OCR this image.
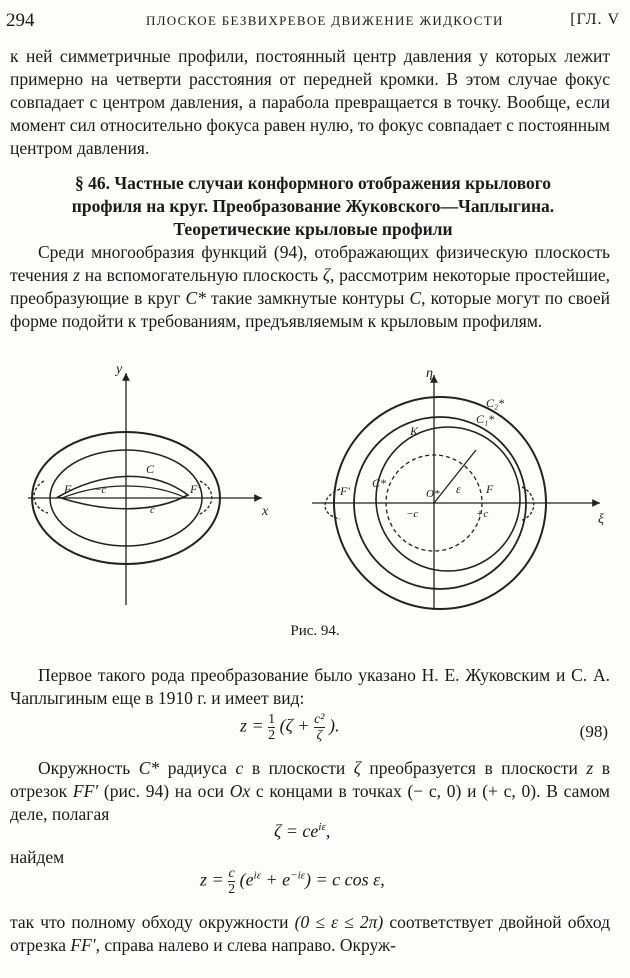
294	ПЛОСКОЕ БЕЗВИХРЕВОЕ ДВИЖЕНИЕ ЖИДКОСТИ	[ГЛ. V

к ней симметричные профили, постоянный центр давления у которых лежит примерно на четверти расстояния от передней кромки. В этом случае фокус совпадает с центром давления, а парабола превращается в точку. Вообще, если момент сил относительно фокуса равен нулю, то фокус совпадает с постоянным центром давления.

§ 46. Частные случаи конформного отображения крылового
профиля на круг. Преобразование Жуковского—Чаплыгина.
Теоретические крыловые профили

Среди многообразия функций (94), отображающих физическую плоскость течения z на вспомогательную плоскость ζ, рассмотрим некоторые простейшие, преобразующие в круг C* такие замкнутые контуры C, которые могут по своей форме подойти к требованиям, предъявляемым к крыловым профилям.

y
x
F	F′
C
−c
c
η
ξ
K
C₁*
C₂*
C*
O*	F
F′
−c	+c
ε
Рис. 94.

Первое такого рода преобразование было указано Н. Е. Жуковским и С. А. Чаплыгиным еще в 1910 г. и имеет вид:

$z = \frac{1}{2} (\zeta + \frac{\text{c²}}{\zeta}$ ).	(98)

Окружность C* радиуса c в плоскости ζ преобразуется в плоскости z в отрезок FF′ (рис. 94) на оси Ox с концами в точках (− c, 0) и (+ c, 0). В самом деле, полагая

$\zeta = ce^{i\varepsilon}$,
найдем
$z = \frac{c}{2} (e^{i\varepsilon} + e^{-i\varepsilon}) = c$ cos ε,

так что полному обходу окружности (0 ≤ ε ≤ 2π) соответствует двойной обход отрезка FF′, справа налево и слева направо. Окруж-
